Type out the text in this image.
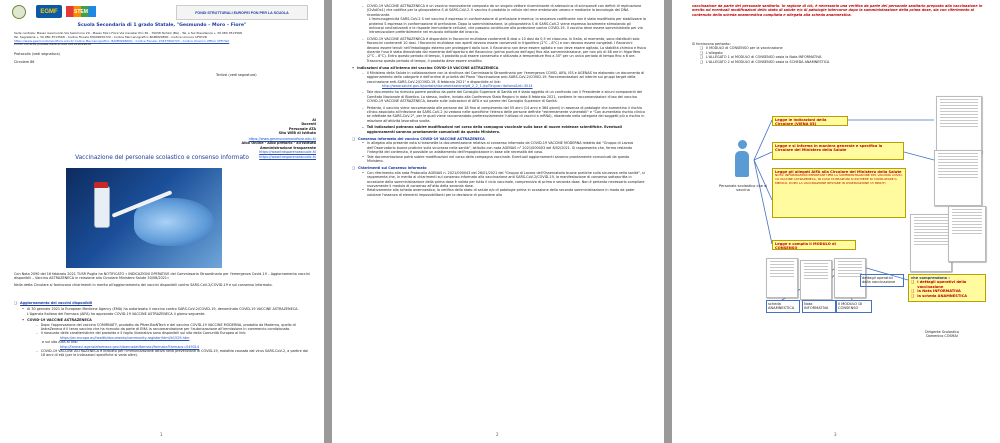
EGMF	STEM	FONDI STRUTTURALI EUROPEI PON PER LA SCUOLA
Scuola Secondaria di 1 grado Statale, "Gesmundo – Moro – Fiore"
Sede centrale: Plesso Gesmundo Via Salomone 29 - Plesso Moro Fiore Via Cavalier Pici 36 - 70038 Terlizzi (BA) - Tel. e fax Presidenza + 39 080 3513568
Tel. Segreteria + 39 080 3513568 - Codice Fiscale 83009650720 - Codice Meccanografico BAMM29800 - Codice univoco UF6T2R
https://www.gesmundomorofiore.edu.it/ Codice Meccanografico: BAMM29800Q - Codice Fiscale: 93437800723 - Codice Univoco Ufficio UFE7GX
Conto corrente postale della scuola 001019049638
Protocollo (vedi segnatura)
Circolare 86
Terlizzi (vedi segnatura)
Ai
Docenti
Personale ATA
Sito WEB di Istituto
https://www.gesmundomorofiore.edu.it/
Albo Online - Albo pretorio - all'Istituto
Amministrazione trasparente
https://www.trasparenzascuole.it/
https://www.trasparenzascuole.it/
Vaccinazione del personale scolastico e consenso informato
Con Nota 2090 del 16 febbraio 2021 TUSR Puglia ha NOTIFICATO « INDICAZIONI OPERATIVE del Commissario Straordinario per l'emergenza Covid-19 – Aggiornamento vaccini disponibili – Vaccino ASTRAZENECA in relazione alla Circolare Ministero Salute 30/08/2021»
Nella detta Circolare si forniscono chiarimenti in merito all'aggiornamento dei vaccini disponibili contro SARS-CoV-2/COVID-19 e sul consenso informato.
❑ Aggiornamento dei vaccini disponibili
• Al 30 gennaio 2021 la European Medicine Agency (EMA) ha autorizzato il vaccino contro SARS-CoV-2/COVID-19, denominato COVID-19 VACCINE ASTRAZENECA. L'Agenzia Italiana del Farmaco (AIFA) ha approvato COVID-19 VACCINE ASTRAZENECA il giorno seguente.
• COVID-19 VACCINE ASTRAZENECA
– Dopo l'approvazione del vaccino COMIRNATY, prodotto da Pfizer-BioNTech e del vaccino COVID-19 VACCINE MODERNA, prodotto da Moderna, quello di AstraZeneca è il terzo vaccino che ha ricevuto da parte di EMA la raccomandazione per l'autorizzazione all'immissione in commercio condizionata.
– Il riassunto delle caratteristiche del prodotto e il foglio illustrativo sono disponibili sul sito della Comunità Europea al link:
https://ec.europa.eu/health/documents/community-register/html/h1529.htm
e sul sito AIFA al link:
http://farmaci.agenziafarmaco.gov.it/bancadatifarmaci/farmaco?farmaco=049314
– COVID-19 VACCINE ASTRAZENECA è indicato per l'immunizzazione attiva nella prevenzione di COVID-19, malattia causata dal virus SARS-CoV-2, a partire dai 18 anni di età (per le indicazioni specifiche si veda oltre).
1
– COVID-19 VACCINE ASTRAZENECA è un vaccino monovalente composto da un singolo vettore ricombinante di adenovirus di scimpanzé con deficit di replicazione (ChAdOx1) che codifica per la glicoproteina S di SARS-CoV-2. Il vaccino è prodotto in cellule del rene embrionale umano e mediante la tecnologia del DNA ricombinante.
L'immunogenicità SARS-CoV-2 S nel vaccino è espresso in conformazione di prefusione trimerica; la sequenza codificante non è stata modificata per stabilizzare la proteina S espressa in conformazione di prefusione. Dopo la somministrazione, la glicoproteina S di SARS-CoV-2 viene espressa localmente stimolando gli anticorpi neutralizzanti e le risposte immunitarie cellulari, che possono contribuire alla protezione contro COVID-19. Il vaccino deve essere somministrato per via intramuscolare preferibilmente nel muscolo deltoide del braccio.
– COVID-19 VACCINE ASTRAZENECA è disponibile in flaconcini multidose contenenti 8 dosi o 10 dosi da 0,5 ml ciascuna. In Italia, al momento, sono distribuiti solo flaconcini contenenti 10 dosi. I flaconcini multidose non aperti devono essere conservati in frigorifero (2°C – 8°C) e non devono essere congelati. I flaconcini devono essere tenuti nell'imballaggio esterno per proteggerli dalla luce. Il flaconcino non deve essere agitato e non deve essere agitato. La stabilità chimica e fisica durante l'uso è stata dimostrata dal momento dell'apertura del flaconcino (prima puntura dell'ago) fino alla somministrazione, per non più di 48 ore in frigorifero (2°C – 8°C). Entro questo periodo di tempo, il prodotto può essere conservato e utilizzato a temperature fino a 30° per un unico periodo di tempo fino a 6 ore. Trascorso questo periodo di tempo, il prodotto deve essere smaltito.
• Indicazioni d'uso all'interno del vaccino COVID-19 VACCINE ASTRAZENECA
– Il Ministero della Salute in collaborazione con la struttura del Commissario Straordinario per l'emergenza COVID, AIFA, ISS e AGENAS ha elaborato un documento di aggiornamento della categorie e dell'ordine di priorità del Piano "Vaccinazione anti-SARS-CoV-2/COVID-19. Raccomandazioni ad interim sui gruppi target della vaccinazione anti-SARS-CoV-2/COVID-19. 8 febbraio 2021" e disponibile al link:
http://www.salute.gov.it/portale/documentazione/p6_2_2_1.jsp?lingua=italiano&id=3014
– Tale documento ha ricevuto parere positivo da parte del Consiglio Superiore di Sanità ed è stato oggetto di un confronto con il Presidente e alcuni componenti del Comitato Nazionale di Bioetica. Lo stesso, inoltre, inviato alla Conferenza Stato Regioni in data 8 febbraio 2021, contiene le raccomandazioni d'uso del vaccino COVID-19 VACCINE ASTRAZENECA, basate sulle indicazioni di AIFA e sul parere del Consiglio Superiore di Sanità.
– Pertanto, il vaccino viene raccomandato alle persone dai 18 fino al compimento dei 55 anni (14 anni e 364 giorni) in assenza di patologie che aumentino il rischio clinico associato all'infezione da SARS-CoV-2 (si vedano nelle specifiche l'elenco delle persone definite "estremamente vulnerabili" e "Con aumentato rischio clinico se infettate da SARS-CoV-2", per le quali viene raccomandato preferenzialmente l'utilizzo di vaccini a mRNA), ribadendo nella categoria dei soggetti più a rischio in relazione all'attività lavorativa svolta.
– Tali indicazioni potranno subire modificazioni nel corso della campagna vaccinale sulla base di nuove evidenze scientifiche. Eventuali aggiornamenti saranno prontamente comunicati da questo Ministero.
❑ Consenso informato del vaccino COVID-19 VACCINE ASTRAZENECA
• In allegato alla presente nota si trasmette la documentazione relativa al consenso informato da COVID-19 VACCINE MODERNA redatto dal "Gruppo di Lavoro dell'Osservatorio buone pratiche sulla sicurezza nella sanità", istituito con nota AGENAS n° 2021/000003 del 8/02/2021. Si rappresenta che, ferma restando l'integrità del contenuto, è possibile un adattamento dell'impaginazione in base alle necessità del caso.
• Tale documentazione potrà subire modificazioni nel corso della campagna vaccinale. Eventuali aggiornamenti saranno prontamente comunicati da questo Ministero.
❑ Chiarimenti sul Consenso informato
• Con riferimento alla nota Protocollo AGENAS n. 2021/000043 del 26/01/2021 del "Gruppo di Lavoro dell'Osservatorio buone pratiche sulla sicurezza nella sanità", si rappresenta che, in merito ai chiarimenti sul consenso informato alla vaccinazione anti SARS-CoV-2/COVID-19, la manifestazione di consenso sottoscritta in occasione della somministrazione della prima dose è valida per tutto il ciclo vaccinale, comprensivo di prima e seconda dose. Non è pertanto necessario compilare nuovamente il modulo di consenso all'atto della seconda dose.
• Relativamente alla scheda anamnestica, la verifica dello stato di salute e/o di patologie prima in occasione della seconda somministrazione in modo da poter valutare l'assenza di elementi impossibilitanti per la decisione di procedere alla
2
vaccinazione da parte del personale sanitario. In ragione di ciò, è necessaria una verifica da parte del personale sanitario preposto alla vaccinazione in merito ad eventuali modificazioni dello stato di salute e/o di patologie intercorse dopo la somministrazione della prima dose, sia con riferimento al contenuto della scheda anamnestica compilata e allegata alla scheda anamnestica.
Si forniscono pertanto:
❑ Il MODULO di CONSENSO per la vaccinazione
❑ L'allegato
❑ L'ALLEGATO 1 al MODULO di CONSENSO ossia la Nota INFORMATIVA
❑ L'ALLEGATO 2 al MODULO di CONSENSO ossia la SCHEDA ANAMNESTICA
Personale scolastico che si vaccina
Legge le indicazioni della Circolare (VIENA 05)
Legge e si informa in maniera generale e specifica la Circolare del Ministero della Salute
Legge gli allegati AIFA alla Circolare del Ministero della Salute
NOTA: INFORMAZIONI IMPORTANTI PER LA SOMMINISTRAZIONE DEL VACCINO COVID-19 VACCINE ASTRAZENECA, IN CASO DI REAZIONI SI RICHIEDE DI CONSULTARE IL MEDICO, DOPO LA VACCINAZIONE RESTARE IN OSSERVAZIONE 15 MINUTI
Legge e compila il MODULO di CONSENSO
dettagli operativi della vaccinazione
scheda ANAMNESTICA
Nota INFORMATIVA
Il MODULO DI CONSENSO
che comprendono :
❑ i dettagli operativi della vaccinazione
❑ la Nota INFORMATIVA
❑ la scheda ANAMNESTICA
Dirigente Scolastico
Domenico COSMAI
3
